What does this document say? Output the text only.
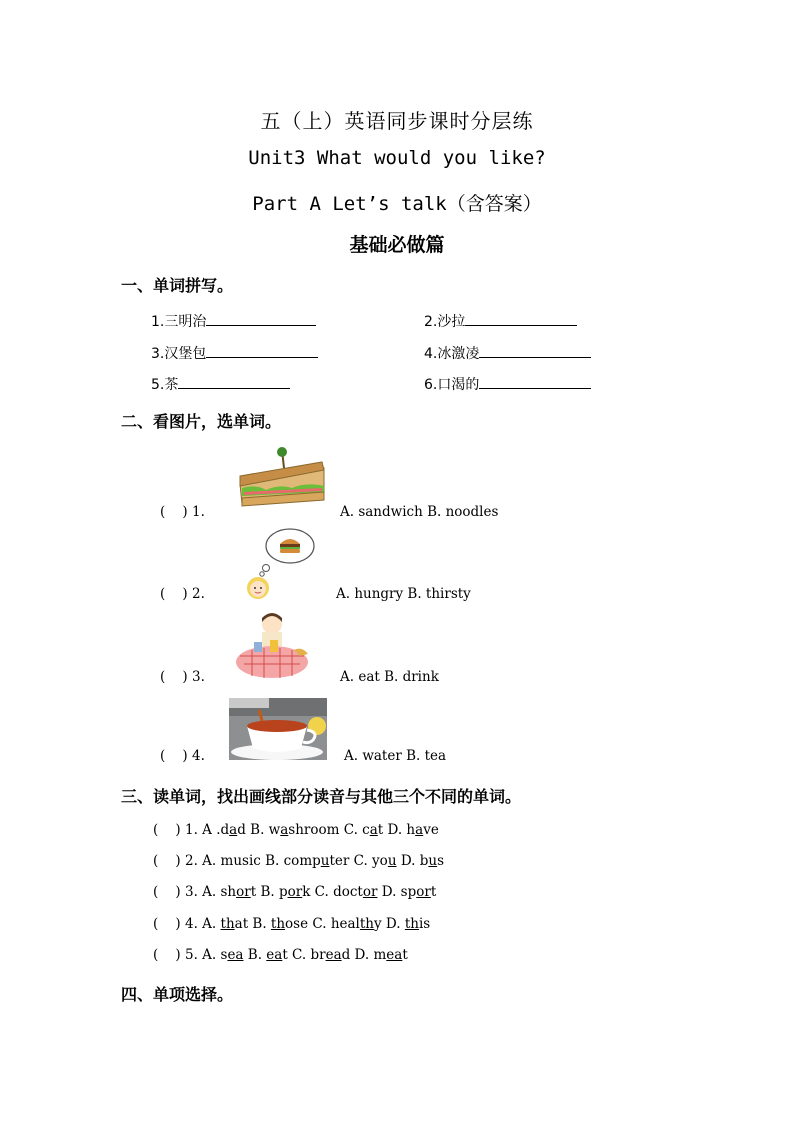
五（上）英语同步课时分层练
Unit3 What would you like?
Part A Let’s talk（含答案）
基础必做篇
一、单词拼写。
1.三明治	2.沙拉
3.汉堡包	4.冰激凌
5.茶	6.口渴的
二、看图片，选单词。
(    ) 1.	A. sandwich B. noodles
(    ) 2.	A. hungry B. thirsty
(    ) 3.	A. eat B. drink
(    ) 4.	A. water B. tea
三、读单词，找出画线部分读音与其他三个不同的单词。
(    ) 1. A .dad B. washroom C. cat D. have
(    ) 2. A. music B. computer C. you D. bus
(    ) 3. A. short B. pork C. doctor D. sport
(    ) 4. A. that B. those C. healthy D. this
(    ) 5. A. sea B. eat C. bread D. meat
四、单项选择。
